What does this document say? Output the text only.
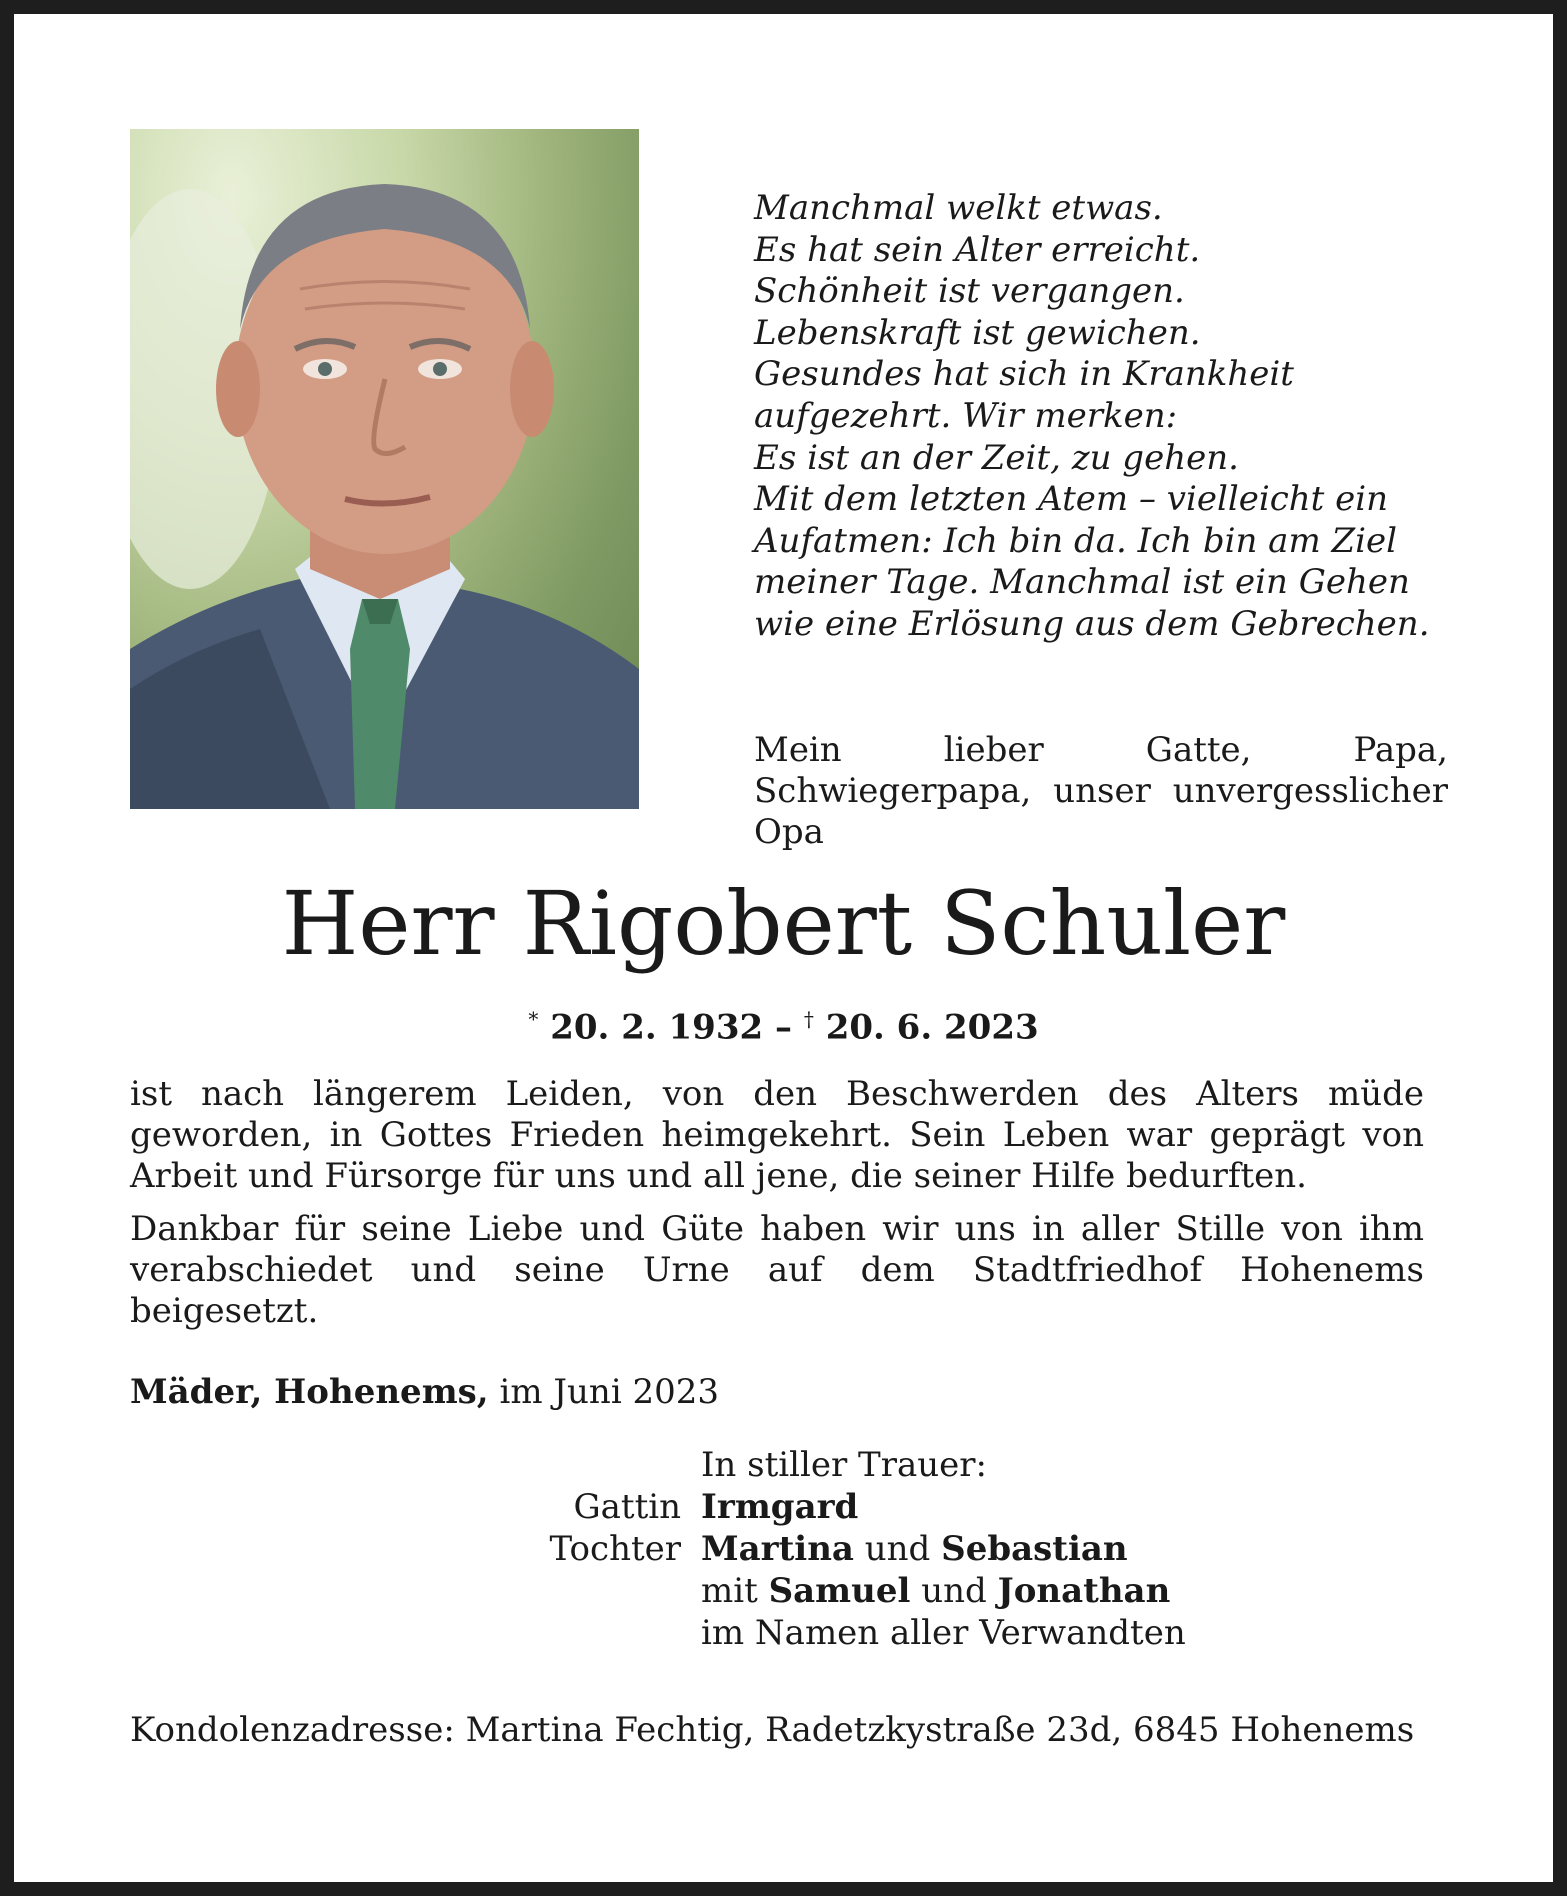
Manchmal welkt etwas.
Es hat sein Alter erreicht.
Schönheit ist vergangen.
Lebenskraft ist gewichen.
Gesundes hat sich in Krankheit
aufgezehrt. Wir merken:
Es ist an der Zeit, zu gehen.
Mit dem letzten Atem – vielleicht ein
Aufatmen: Ich bin da. Ich bin am Ziel
meiner Tage. Manchmal ist ein Gehen
wie eine Erlösung aus dem Gebrechen.
Mein lieber Gatte, Papa, Schwiegerpapa, unser unvergesslicher Opa
Herr Rigobert Schuler
* 20. 2. 1932 – † 20. 6. 2023

ist nach längerem Leiden, von den Beschwerden des Alters müde geworden, in Gottes Frieden heimgekehrt. Sein Leben war geprägt von Arbeit und Fürsorge für uns und all jene, die seiner Hilfe bedurften.

Dankbar für seine Liebe und Güte haben wir uns in aller Stille von ihm verabschiedet und seine Urne auf dem Stadtfriedhof Hohenems beigesetzt.

Mäder, Hohenems, im Juni 2023
In stiller Trauer:
Gattin Irmgard
Tochter Martina und Sebastian
mit Samuel und Jonathan
im Namen aller Verwandten
Kondolenzadresse: Martina Fechtig, Radetzkystraße 23d, 6845 Hohenems
